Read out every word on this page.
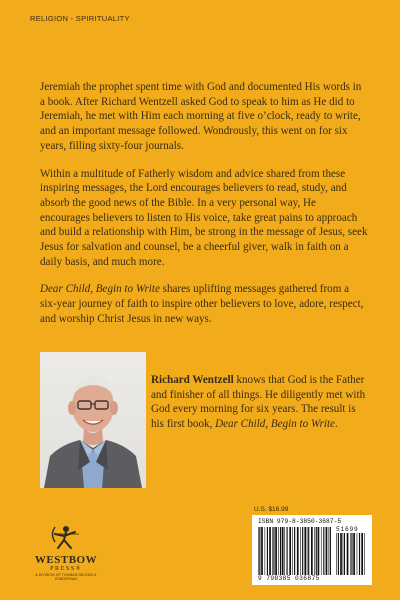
RELIGION - SPIRITUALITY

Jeremiah the prophet spent time with God and documented His words in a book. After Richard Wentzell asked God to speak to him as He did to Jeremiah, he met with Him each morning at five o’clock, ready to write, and an important message followed. Wondrously, this went on for six years, filling sixty-four journals.

Within a multitude of Fatherly wisdom and advice shared from these inspiring messages, the Lord encourages believers to read, study, and absorb the good news of the Bible. In a very personal way, He encourages believers to listen to His voice, take great pains to approach and build a relationship with Him, be strong in the message of Jesus, seek Jesus for salvation and counsel, be a cheerful giver, walk in faith on a daily basis, and much more.

Dear Child, Begin to Write shares uplifting messages gathered from a six-year journey of faith to inspire other believers to love, adore, respect, and worship Christ Jesus in new ways.

Richard Wentzell knows that God is the Father and finisher of all things. He diligently met with God every morning for six years. The result is his first book, Dear Child, Begin to Write.
U.S. $16.99
ISBN 979-8-3850-3687-5
51699
9 798385 036875
WESTBOW
PRESS®
A DIVISION OF THOMAS NELSON & ZONDERVAN
